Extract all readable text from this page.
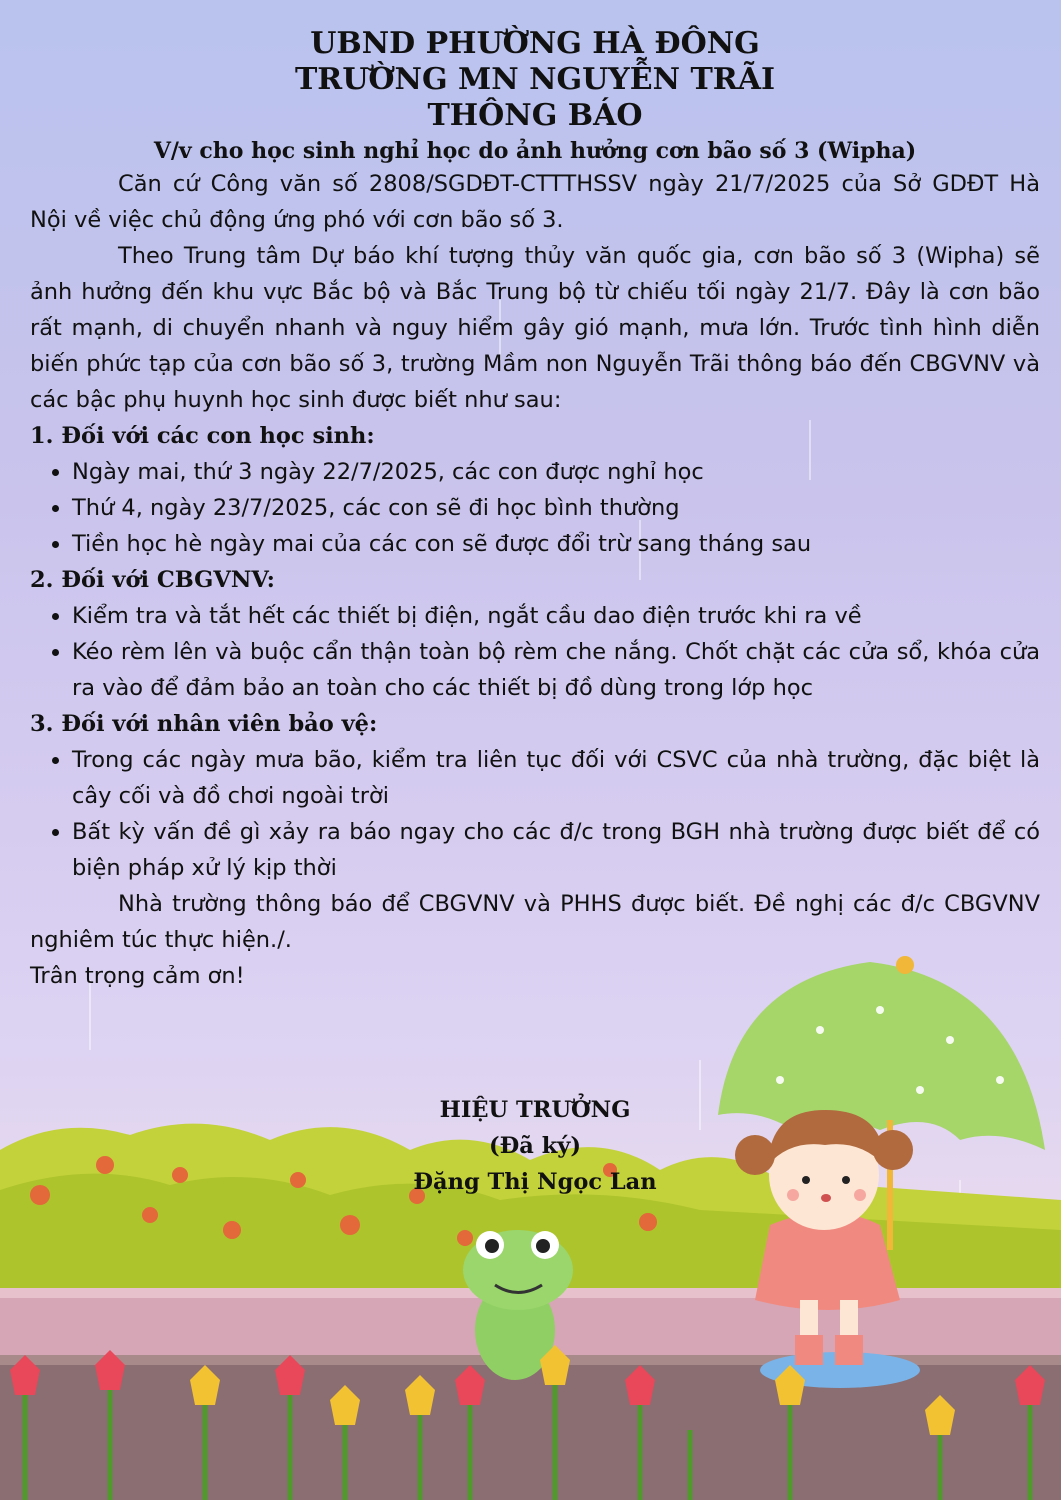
UBND PHƯỜNG HÀ ĐÔNG
TRƯỜNG MN NGUYỄN TRÃI
THÔNG BÁO
V/v cho học sinh nghỉ học do ảnh hưởng cơn bão số 3 (Wipha)
Căn cứ Công văn số 2808/SGDĐT-CTTTHSSV ngày 21/7/2025 của Sở GDĐT Hà Nội về việc chủ động ứng phó với cơn bão số 3.
Theo Trung tâm Dự báo khí tượng thủy văn quốc gia, cơn bão số 3 (Wipha) sẽ ảnh hưởng đến khu vực Bắc bộ và Bắc Trung bộ từ chiếu tối ngày 21/7. Đây là cơn bão rất mạnh, di chuyển nhanh và nguy hiểm gây gió mạnh, mưa lớn. Trước tình hình diễn biến phức tạp của cơn bão số 3, trường Mầm non Nguyễn Trãi thông báo đến CBGVNV và các bậc phụ huynh học sinh được biết như sau:
1. Đối với các con học sinh:
• Ngày mai, thứ 3 ngày 22/7/2025, các con được nghỉ học
• Thứ 4, ngày 23/7/2025, các con sẽ đi học bình thường
• Tiền học hè ngày mai của các con sẽ được đổi trừ sang tháng sau
2. Đối với CBGVNV:
• Kiểm tra và tắt hết các thiết bị điện, ngắt cầu dao điện trước khi ra về
• Kéo rèm lên và buộc cẩn thận toàn bộ rèm che nắng. Chốt chặt các cửa sổ, khóa cửa ra vào để đảm bảo an toàn cho các thiết bị đồ dùng trong lớp học
3. Đối với nhân viên bảo vệ:
• Trong các ngày mưa bão, kiểm tra liên tục đối với CSVC của nhà trường, đặc biệt là cây cối và đồ chơi ngoài trời
• Bất kỳ vấn đề gì xảy ra báo ngay cho các đ/c trong BGH nhà trường được biết để có biện pháp xử lý kịp thời
Nhà trường thông báo để CBGVNV và PHHS được biết. Đề nghị các đ/c CBGVNV nghiêm túc thực hiện./.
Trân trọng cảm ơn!
HIỆU TRƯỞNG
(Đã ký)
Đặng Thị Ngọc Lan
